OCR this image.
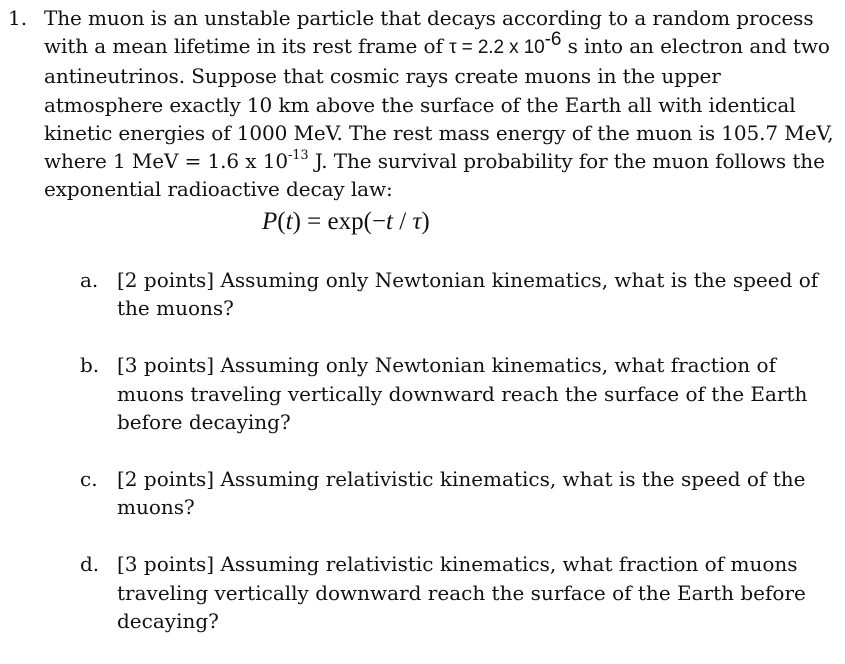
1. The muon is an unstable particle that decays according to a random process with a mean lifetime in its rest frame of τ = 2.2 x $10^{-6}$ s into an electron and two antineutrinos. Suppose that cosmic rays create muons in the upper atmosphere exactly 10 km above the surface of the Earth all with identical kinetic energies of 1000 MeV. The rest mass energy of the muon is 105.7 MeV, where 1 MeV = 1.6 x $10^{-13}$ J. The survival probability for the muon follows the exponential radioactive decay law:
P(t) = exp(−t / τ)
a. [2 points] Assuming only Newtonian kinematics, what is the speed of the muons?
b. [3 points] Assuming only Newtonian kinematics, what fraction of muons traveling vertically downward reach the surface of the Earth before decaying?
c. [2 points] Assuming relativistic kinematics, what is the speed of the muons?
d. [3 points] Assuming relativistic kinematics, what fraction of muons traveling vertically downward reach the surface of the Earth before decaying?
